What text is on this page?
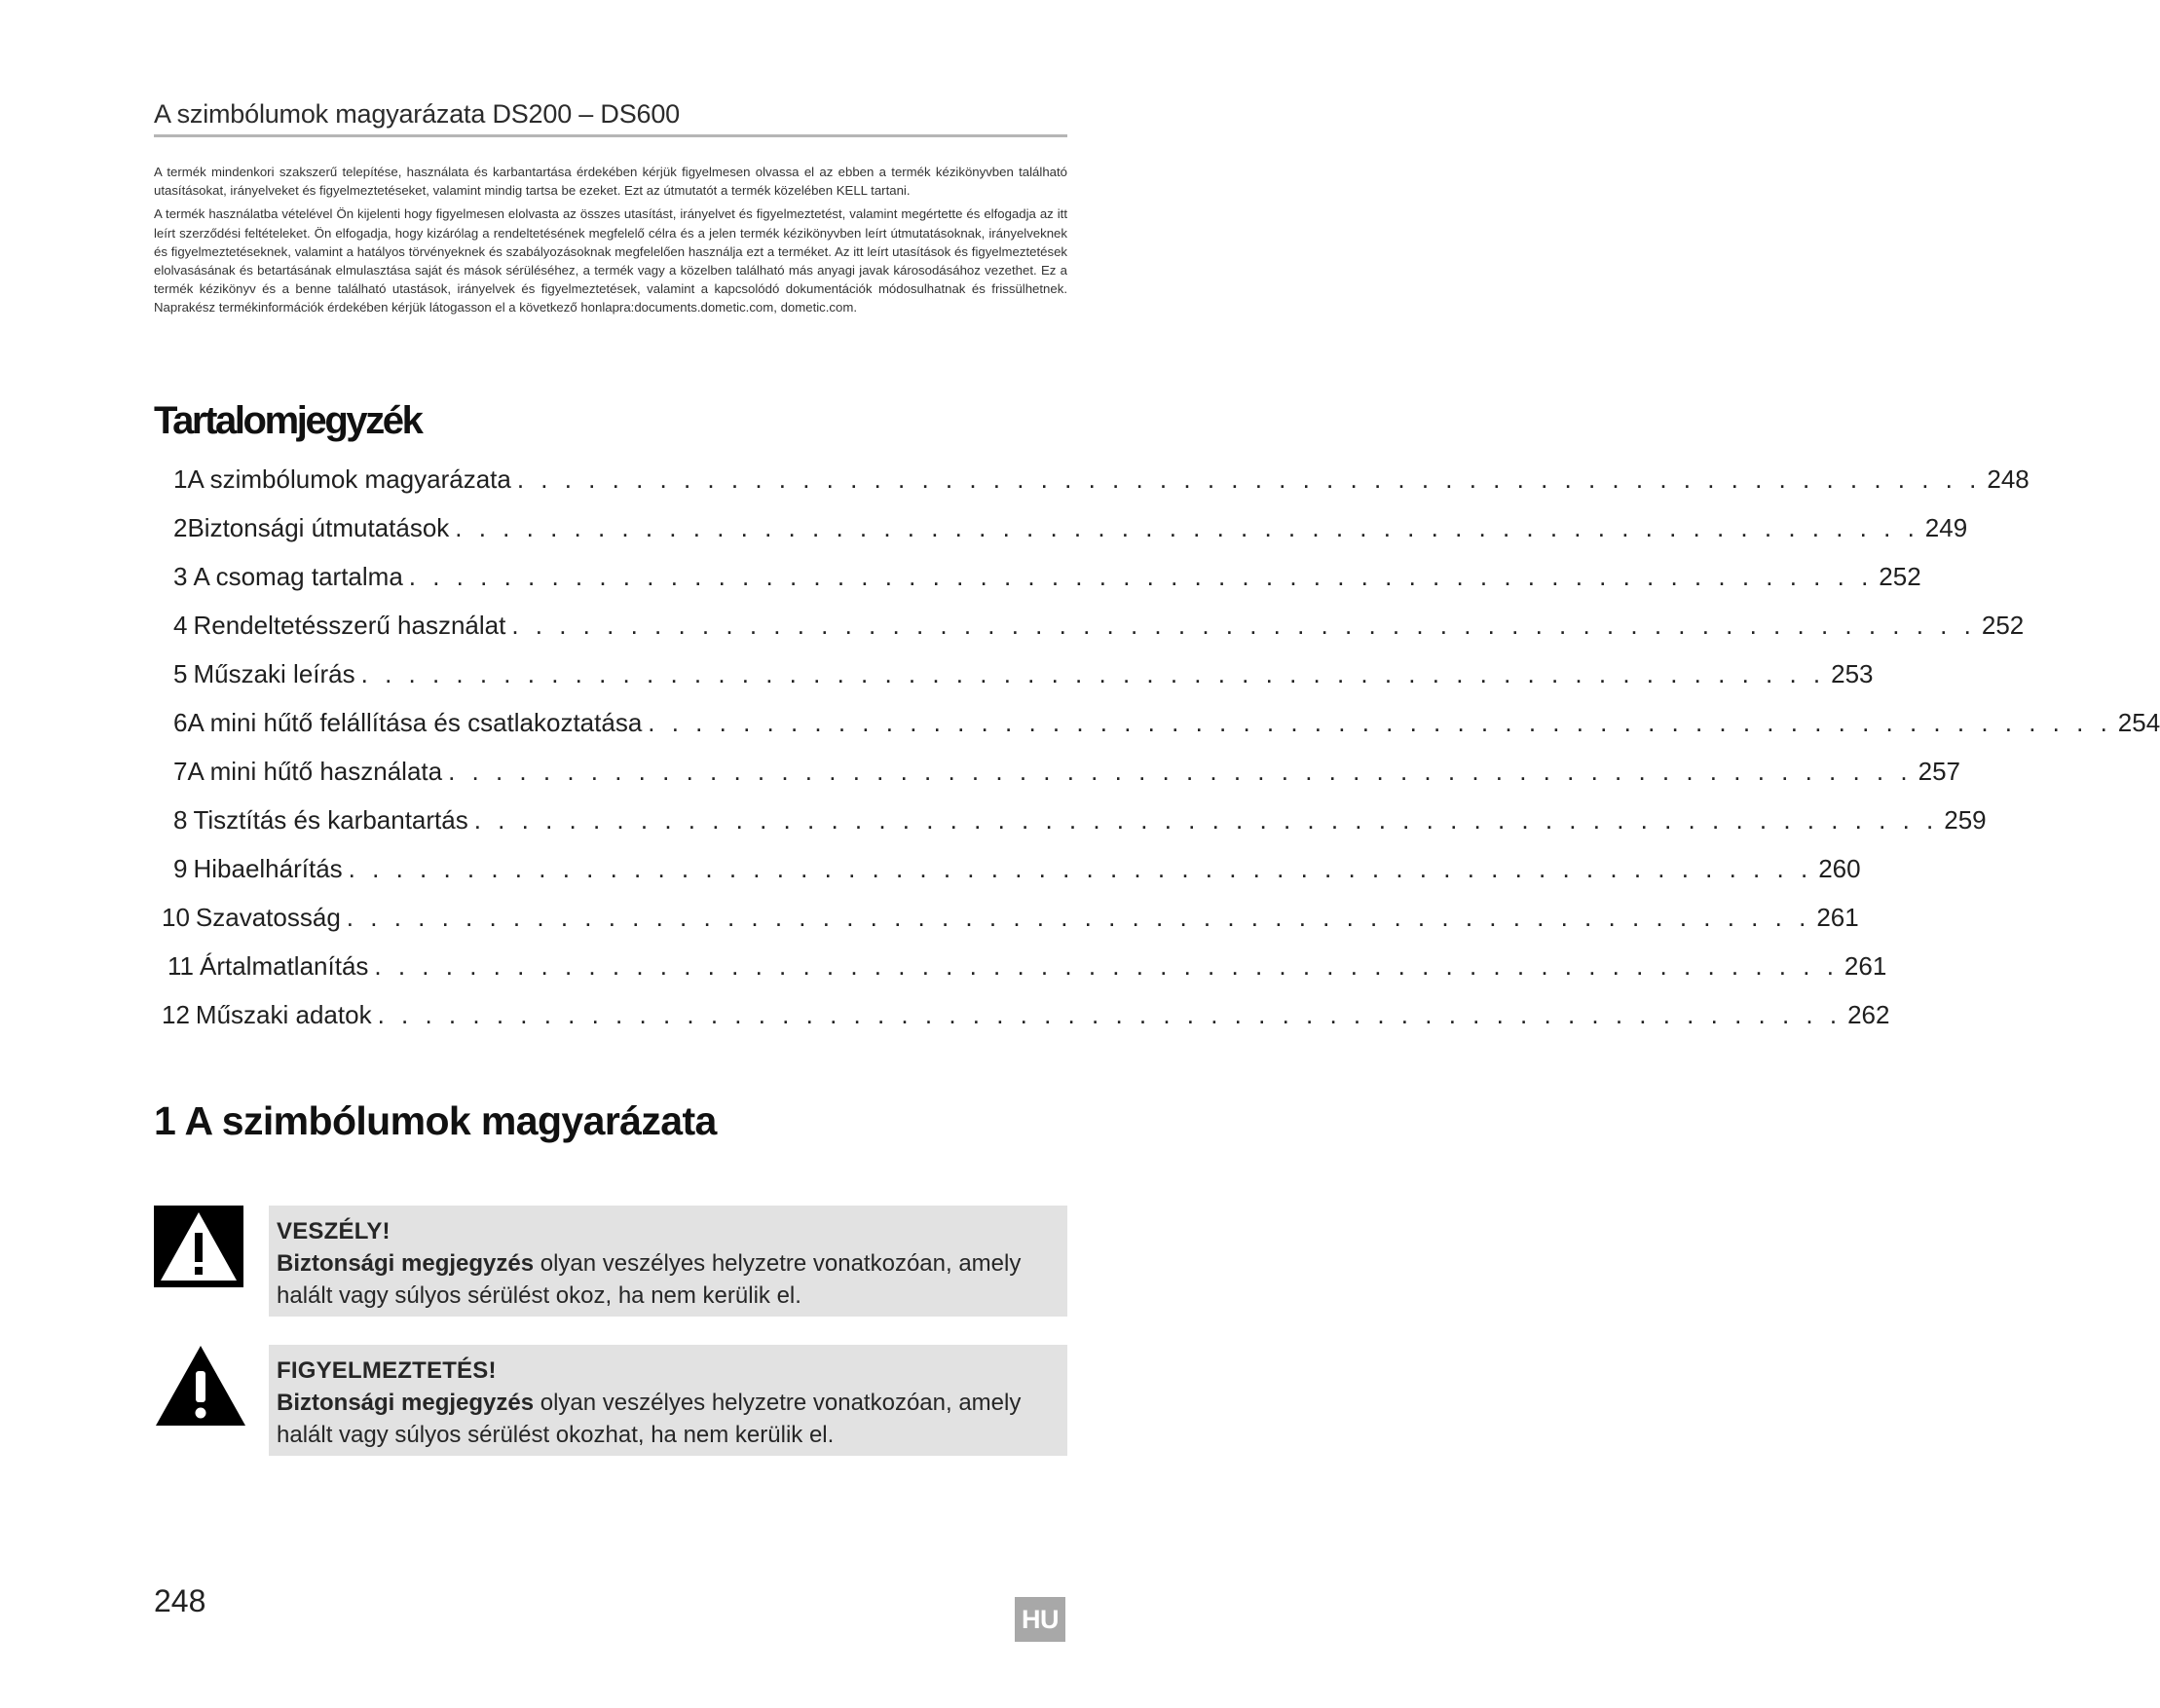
A szimbólumok magyarázata DS200 – DS600

A termék mindenkori szakszerű telepítése, használata és karbantartása érdekében kérjük figyelmesen olvassa el az ebben a termék kézikönyvben található utasításokat, irányelveket és figyelmeztetéseket, valamint mindig tartsa be ezeket. Ezt az útmutatót a termék közelében KELL tartani.

A termék használatba vételével Ön kijelenti hogy figyelmesen elolvasta az összes utasítást, irányelvet és figyelmeztetést, valamint megértette és elfogadja az itt leírt szerződési feltételeket. Ön elfogadja, hogy kizárólag a rendeltetésének megfelelő célra és a jelen termék kézikönyvben leírt útmutatásoknak, irányelveknek és figyelmeztetéseknek, valamint a hatályos törvényeknek és szabályozásoknak megfelelően használja ezt a terméket. Az itt leírt utasítások és figyelmeztetések elolvasásának és betartásának elmulasztása saját és mások sérüléséhez, a termék vagy a közelben található más anyagi javak károsodásához vezethet. Ez a termék kézikönyv és a benne található utastások, irányelvek és figyelmeztetések, valamint a kapcsolódó dokumentációk módosulhatnak és frissülhetnek. Naprakész termékinformációk érdekében kérjük látogasson el a következő honlapra:documents.dometic.com, dometic.com.

Tartalomjegyzék
1 A szimbólumok magyarázata . . . . . . . . . . . . . . . . . . . . . . . . . . . . . . . . . . . . . . . . . . . . . . . . . . . . . . . . . . . . . . 248
2 Biztonsági útmutatások . . . . . . . . . . . . . . . . . . . . . . . . . . . . . . . . . . . . . . . . . . . . . . . . . . . . . . . . . . . . . . 249
3 A csomag tartalma . . . . . . . . . . . . . . . . . . . . . . . . . . . . . . . . . . . . . . . . . . . . . . . . . . . . . . . . . . . . . . 252
4 Rendeltetésszerű használat . . . . . . . . . . . . . . . . . . . . . . . . . . . . . . . . . . . . . . . . . . . . . . . . . . . . . . . . . . . . . . 252
5 Műszaki leírás . . . . . . . . . . . . . . . . . . . . . . . . . . . . . . . . . . . . . . . . . . . . . . . . . . . . . . . . . . . . . . 253
6 A mini hűtő felállítása és csatlakoztatása . . . . . . . . . . . . . . . . . . . . . . . . . . . . . . . . . . . . . . . . . . . . . . . . . . . . . . . . . . . . . . 254
7 A mini hűtő használata . . . . . . . . . . . . . . . . . . . . . . . . . . . . . . . . . . . . . . . . . . . . . . . . . . . . . . . . . . . . . . 257
8 Tisztítás és karbantartás . . . . . . . . . . . . . . . . . . . . . . . . . . . . . . . . . . . . . . . . . . . . . . . . . . . . . . . . . . . . . . 259
9 Hibaelhárítás . . . . . . . . . . . . . . . . . . . . . . . . . . . . . . . . . . . . . . . . . . . . . . . . . . . . . . . . . . . . . . 260
10 Szavatosság . . . . . . . . . . . . . . . . . . . . . . . . . . . . . . . . . . . . . . . . . . . . . . . . . . . . . . . . . . . . . . 261
11 Ártalmatlanítás . . . . . . . . . . . . . . . . . . . . . . . . . . . . . . . . . . . . . . . . . . . . . . . . . . . . . . . . . . . . . . 261
12 Műszaki adatok . . . . . . . . . . . . . . . . . . . . . . . . . . . . . . . . . . . . . . . . . . . . . . . . . . . . . . . . . . . . . . 262
1 A szimbólumok magyarázata
VESZÉLY!
Biztonsági megjegyzés olyan veszélyes helyzetre vonatkozóan, amely halált vagy súlyos sérülést okoz, ha nem kerülik el.
FIGYELMEZTETÉS!
Biztonsági megjegyzés olyan veszélyes helyzetre vonatkozóan, amely halált vagy súlyos sérülést okozhat, ha nem kerülik el.
248
HU
